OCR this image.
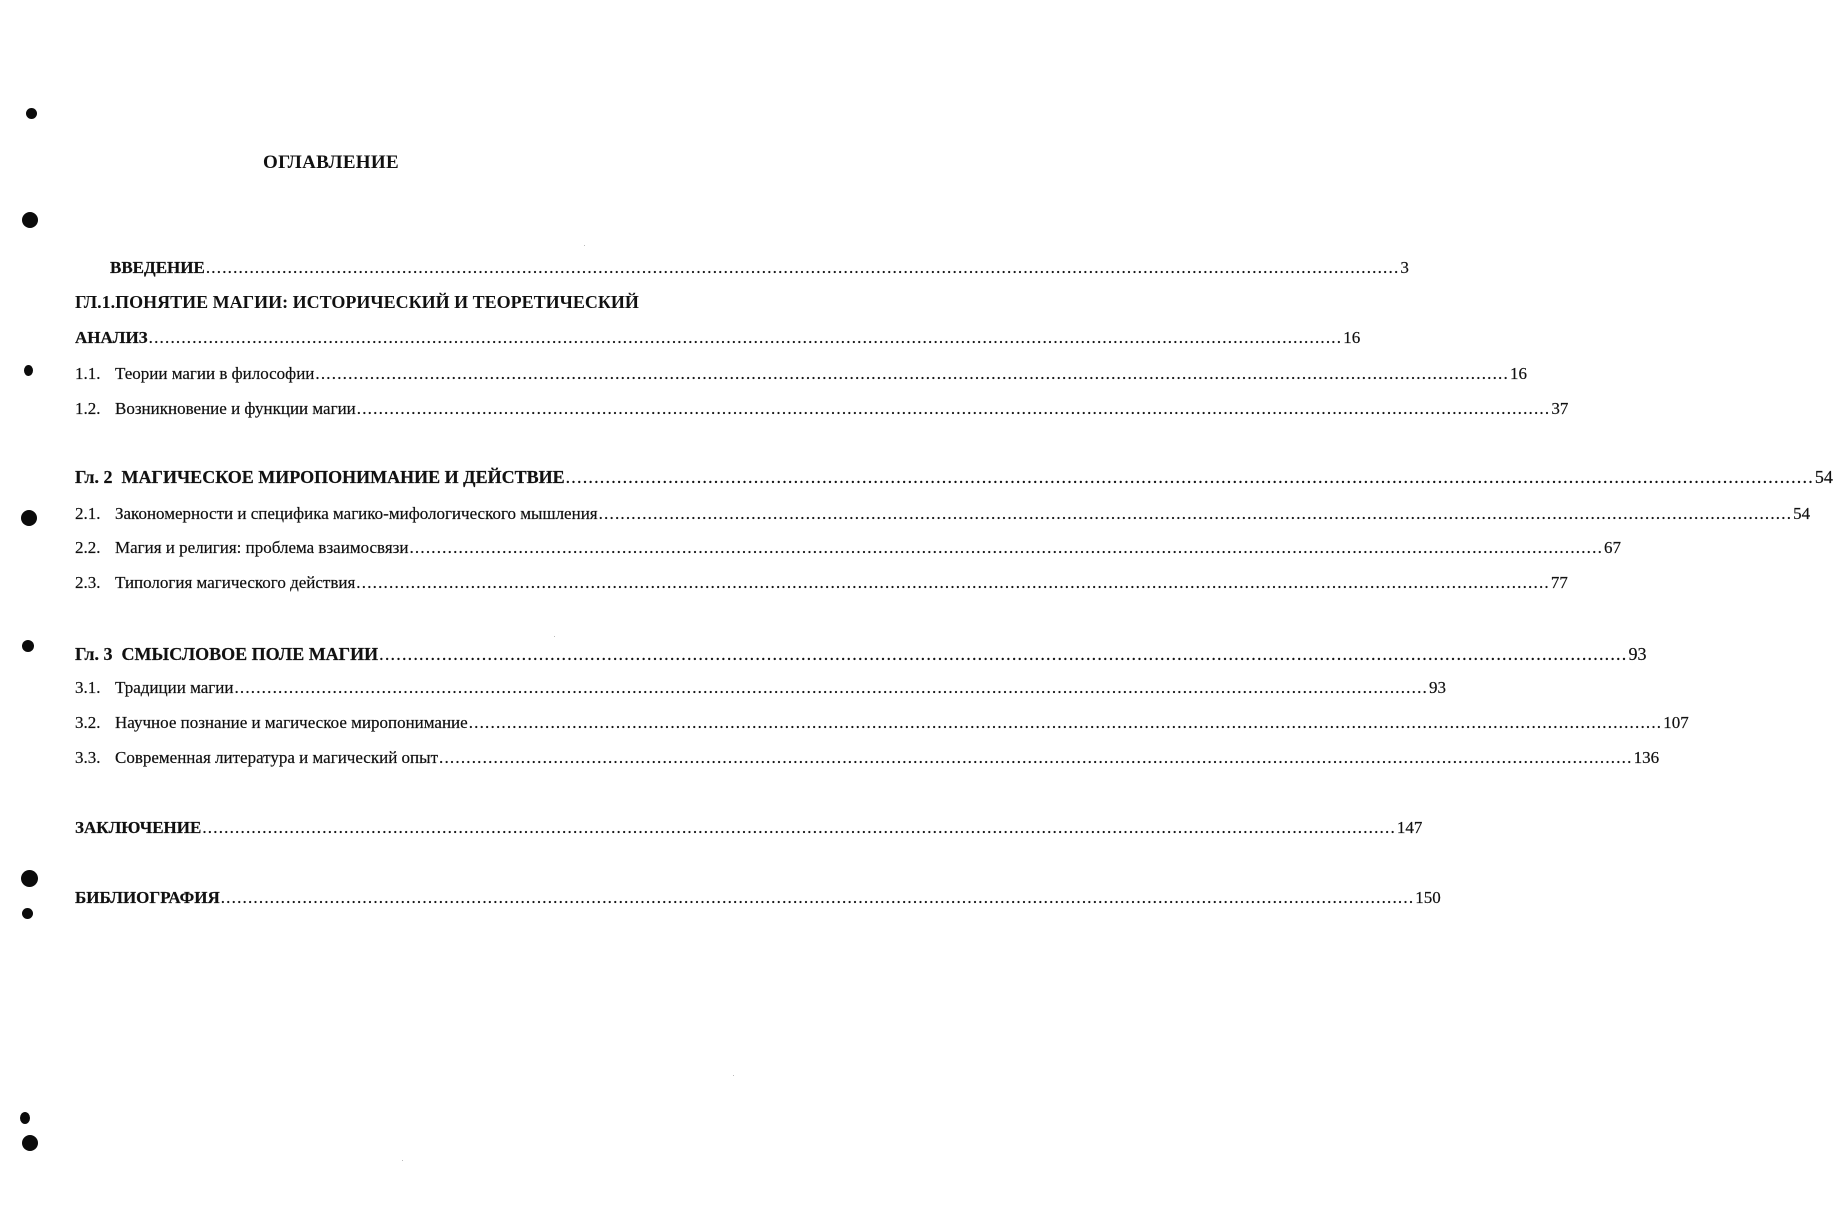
ОГЛАВЛЕНИЕ
ВВЕДЕНИЕ ........................................................................................................................................................................................................................... 3
ГЛ.1.ПОНЯТИЕ МАГИИ: ИСТОРИЧЕСКИЙ И ТЕОРЕТИЧЕСКИЙ
АНАЛИЗ ........................................................................................................................................................................................................................... 16
1.1. Теории магии в философии ........................................................................................................................................................................................................................... 16
1.2. Возникновение и функции магии ........................................................................................................................................................................................................................... 37
Гл. 2 МАГИЧЕСКОЕ МИРОПОНИМАНИЕ И ДЕЙСТВИЕ ........................................................................................................................................................................................................................... 54
2.1. Закономерности и специфика магико-мифологического мышления ........................................................................................................................................................................................................................... 54
2.2. Магия и религия: проблема взаимосвязи ........................................................................................................................................................................................................................... 67
2.3. Типология магического действия ........................................................................................................................................................................................................................... 77
Гл. 3 СМЫСЛОВОЕ ПОЛЕ МАГИИ ........................................................................................................................................................................................................................... 93
3.1. Традиции магии ........................................................................................................................................................................................................................... 93
3.2. Научное познание и магическое миропонимание ........................................................................................................................................................................................................................... 107
3.3. Современная литература и магический опыт ........................................................................................................................................................................................................................... 136
ЗАКЛЮЧЕНИЕ ........................................................................................................................................................................................................................... 147
БИБЛИОГРАФИЯ ........................................................................................................................................................................................................................... 150
